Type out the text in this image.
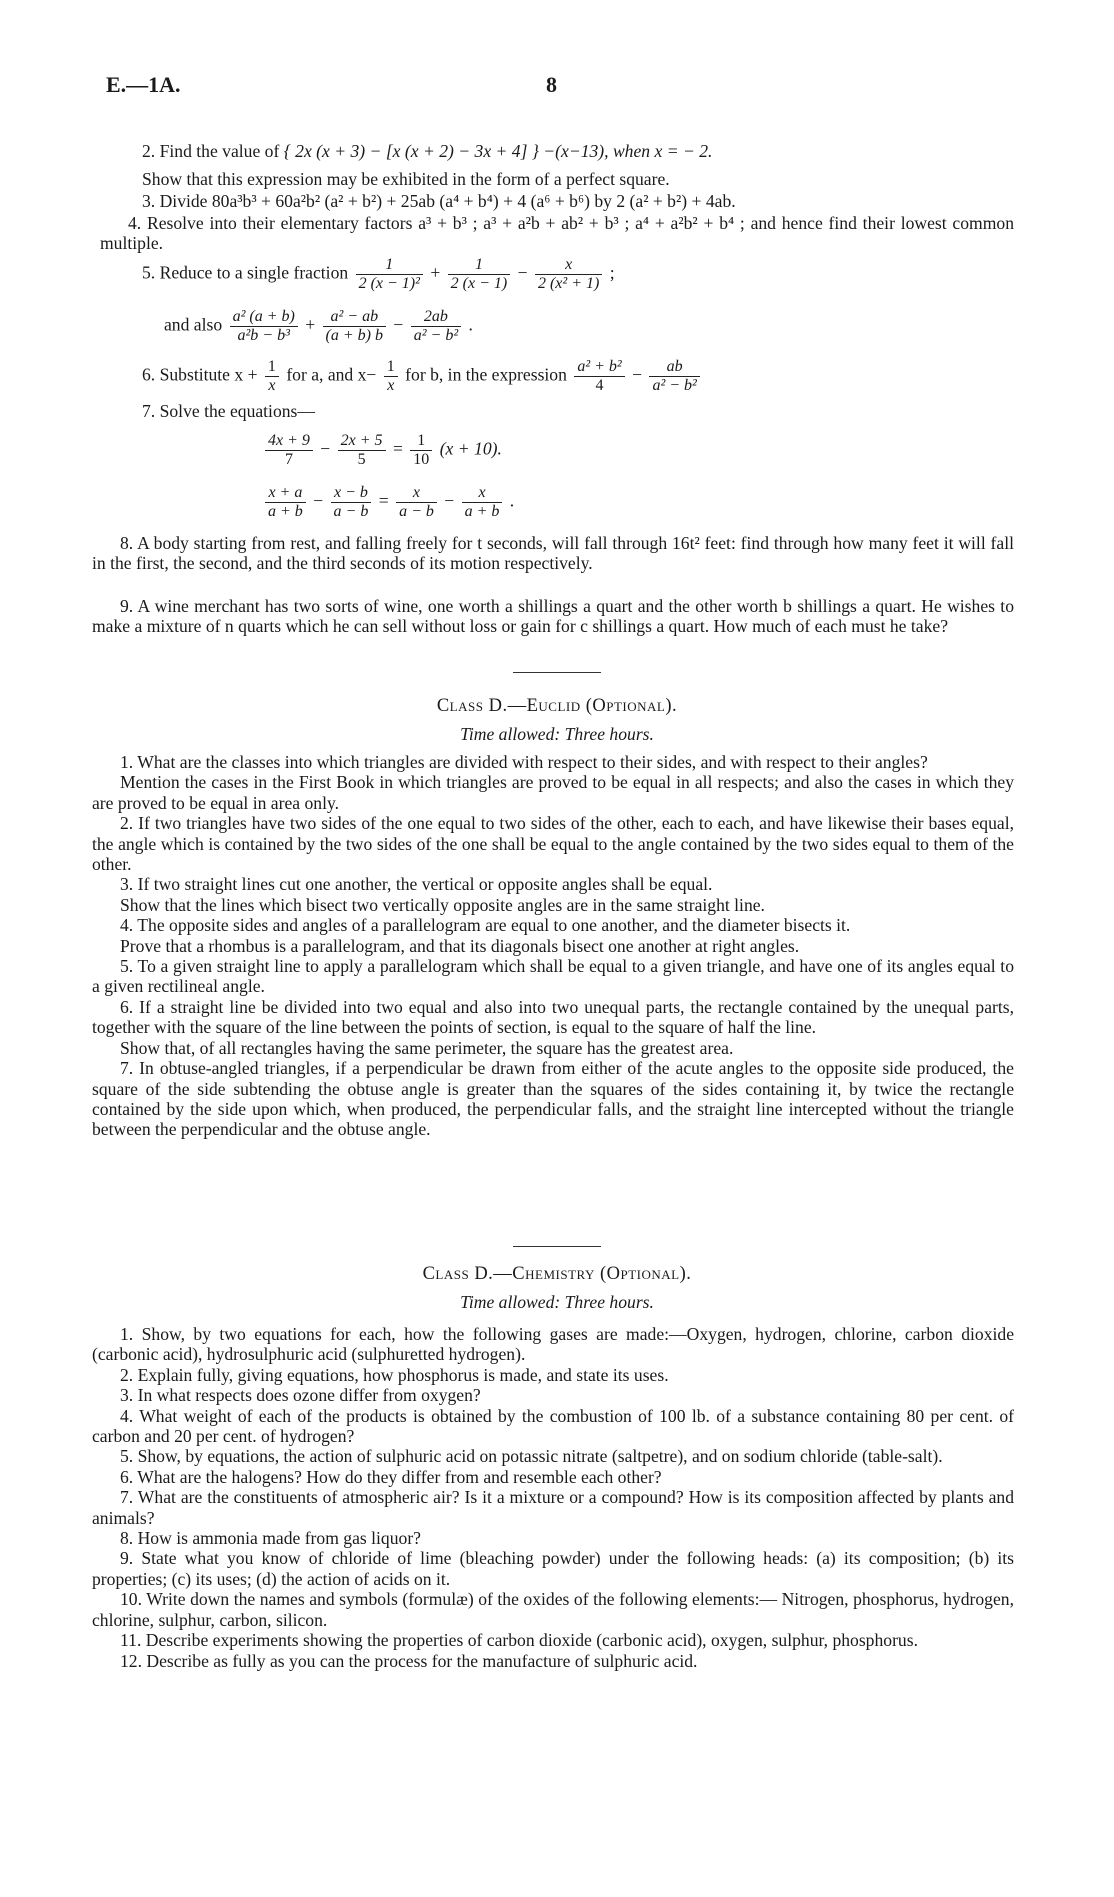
E.—1A.	8
2. Find the value of { 2x (x + 3) − [x (x + 2) − 3x + 4] } −(x−13), when x = − 2.
Show that this expression may be exhibited in the form of a perfect square.
3. Divide 80a³b³ + 60a²b² (a² + b²) + 25ab (a⁴ + b⁴) + 4 (a⁶ + b⁶) by 2 (a² + b²) + 4ab.
4. Resolve into their elementary factors a³ + b³ ; a³ + a²b + ab² + b³ ; a⁴ + a²b² + b⁴ ; and hence find their lowest common multiple.
5. Reduce to a single fraction $\frac{1}{\text{2 (x − 1)²}} + \frac{1}{2 (x - 1)} - \frac{x}{\text{2 (x² + 1)}}$ ;
and also $\frac{\text{a² (a + b)}}{\text{a²b − b³}} + \frac{\text{a² − ab}}{(a + b) b} - \frac{2ab}{\text{a² − b²}}$ .
6. Substitute $x + \frac{1}{x}$ for a, and $x- \frac{1}{x}$ for b, in the expression $\frac{\text{a² + b²}}{4} - \frac{ab}{\text{a² − b²}}$
7. Solve the equations—
$\frac{4x + 9}{7} - \frac{2x + 5}{5} = \frac{1}{10} (x + 10)$.
$\frac{x + a}{a + b} - \frac{x - b}{a - b} = \frac{x}{a - b} - \frac{x}{a + b}$ .
8. A body starting from rest, and falling freely for t seconds, will fall through 16t² feet: find through how many feet it will fall in the first, the second, and the third seconds of its motion respectively.
9. A wine merchant has two sorts of wine, one worth a shillings a quart and the other worth b shillings a quart. He wishes to make a mixture of n quarts which he can sell without loss or gain for c shillings a quart. How much of each must he take?
Class D.—Euclid (Optional).
Time allowed: Three hours.
1. What are the classes into which triangles are divided with respect to their sides, and with respect to their angles?
Mention the cases in the First Book in which triangles are proved to be equal in all respects; and also the cases in which they are proved to be equal in area only.
2. If two triangles have two sides of the one equal to two sides of the other, each to each, and have likewise their bases equal, the angle which is contained by the two sides of the one shall be equal to the angle contained by the two sides equal to them of the other.
3. If two straight lines cut one another, the vertical or opposite angles shall be equal.
Show that the lines which bisect two vertically opposite angles are in the same straight line.
4. The opposite sides and angles of a parallelogram are equal to one another, and the diameter bisects it.
Prove that a rhombus is a parallelogram, and that its diagonals bisect one another at right angles.
5. To a given straight line to apply a parallelogram which shall be equal to a given triangle, and have one of its angles equal to a given rectilineal angle.
6. If a straight line be divided into two equal and also into two unequal parts, the rectangle contained by the unequal parts, together with the square of the line between the points of section, is equal to the square of half the line.
Show that, of all rectangles having the same perimeter, the square has the greatest area.
7. In obtuse-angled triangles, if a perpendicular be drawn from either of the acute angles to the opposite side produced, the square of the side subtending the obtuse angle is greater than the squares of the sides containing it, by twice the rectangle contained by the side upon which, when produced, the perpendicular falls, and the straight line intercepted without the triangle between the perpendicular and the obtuse angle.
Class D.—Chemistry (Optional).
Time allowed: Three hours.
1. Show, by two equations for each, how the following gases are made:—Oxygen, hydrogen, chlorine, carbon dioxide (carbonic acid), hydrosulphuric acid (sulphuretted hydrogen).
2. Explain fully, giving equations, how phosphorus is made, and state its uses.
3. In what respects does ozone differ from oxygen?
4. What weight of each of the products is obtained by the combustion of 100 lb. of a substance containing 80 per cent. of carbon and 20 per cent. of hydrogen?
5. Show, by equations, the action of sulphuric acid on potassic nitrate (saltpetre), and on sodium chloride (table-salt).
6. What are the halogens? How do they differ from and resemble each other?
7. What are the constituents of atmospheric air? Is it a mixture or a compound? How is its composition affected by plants and animals?
8. How is ammonia made from gas liquor?
9. State what you know of chloride of lime (bleaching powder) under the following heads: (a) its composition; (b) its properties; (c) its uses; (d) the action of acids on it.
10. Write down the names and symbols (formulæ) of the oxides of the following elements:— Nitrogen, phosphorus, hydrogen, chlorine, sulphur, carbon, silicon.
11. Describe experiments showing the properties of carbon dioxide (carbonic acid), oxygen, sulphur, phosphorus.
12. Describe as fully as you can the process for the manufacture of sulphuric acid.
